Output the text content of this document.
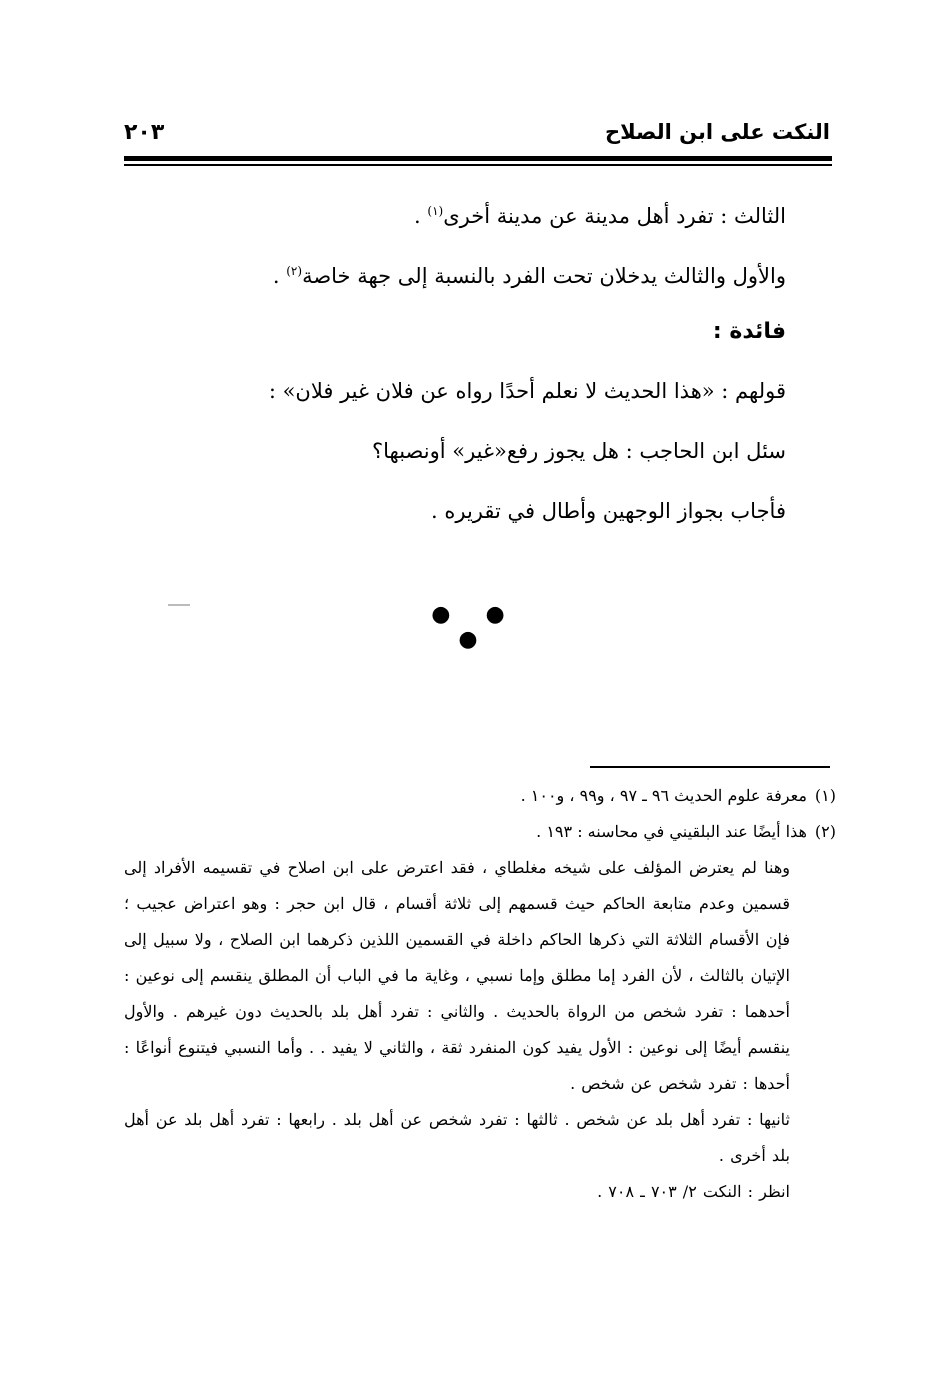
النكت على ابن الصلاح
٢٠٣

الثالث : تفرد أهل مدينة عن مدينة أخرى$^{(١)}$ .

والأول والثالث يدخلان تحت الفرد بالنسبة إلى جهة خاصة$^{(٢)}$ .

فائدة :

قولهم : «هذا الحديث لا نعلم أحدًا رواه عن فلان غير فلان» :

سئل ابن الحاجب : هل يجوز رفع«غير» أونصبها؟

فأجاب بجواز الوجهين وأطال في تقريره .

● ● ●

(١)معرفة علوم الحديث ٩٦ ـ ٩٧ ، و٩٩ ، و١٠٠ .

(٢)هذا أيضًا عند البلقيني في محاسنه : ١٩٣ .

وهنا لم يعترض المؤلف على شيخه مغلطاي ، فقد اعترض على ابن اصلاح في تقسيمه الأفراد إلى قسمين وعدم متابعة الحاكم حيث قسمهم إلى ثلاثة أقسام ، قال ابن حجر : وهو اعتراض عجيب ؛ فإن الأقسام الثلاثة التي ذكرها الحاكم داخلة في القسمين اللذين ذكرهما ابن الصلاح ، ولا سبيل إلى الإتيان بالثالث ، لأن الفرد إما مطلق وإما نسبي ، وغاية ما في الباب أن المطلق ينقسم إلى نوعين : أحدهما : تفرد شخص من الرواة بالحديث . والثاني : تفرد أهل بلد بالحديث دون غيرهم . والأول ينقسم أيضًا إلى نوعين : الأول يفيد كون المنفرد ثقة ، والثاني لا يفيد . . وأما النسبي فيتنوع أنواعًا : أحدها : تفرد شخص عن شخص .

ثانيها : تفرد أهل بلد عن شخص . ثالثها : تفرد شخص عن أهل بلد . رابعها : تفرد أهل بلد عن أهل بلد أخرى .

انظر : النكت ٢/ ٧٠٣ ـ ٧٠٨ .
